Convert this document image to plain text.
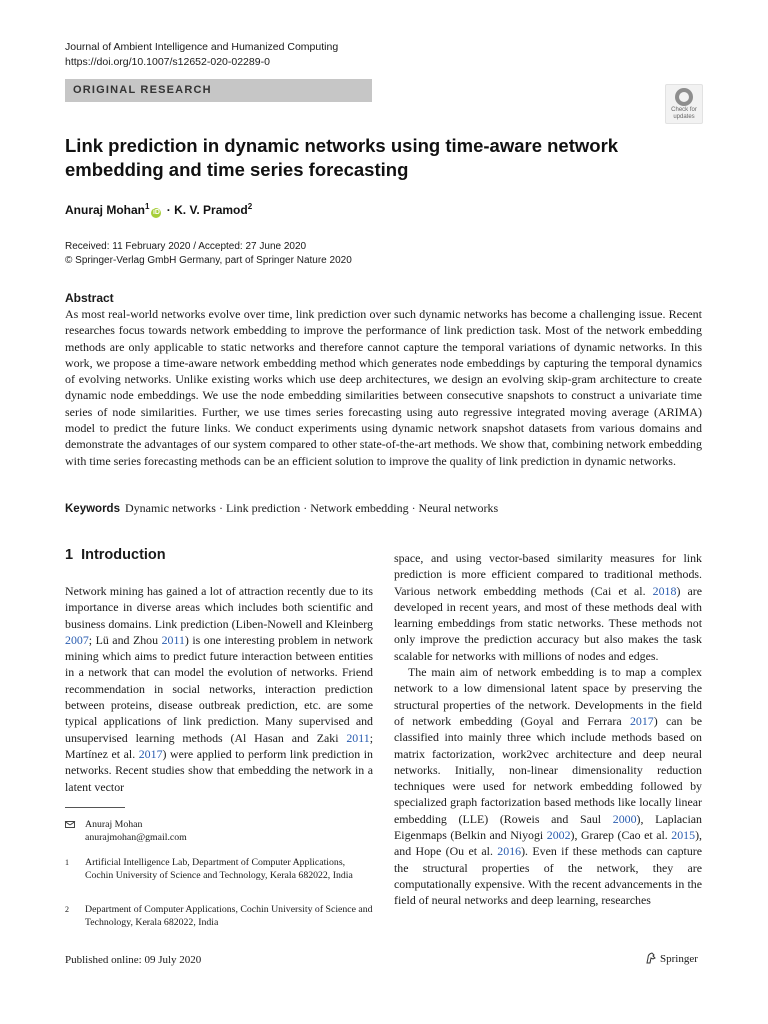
Journal of Ambient Intelligence and Humanized Computing
https://doi.org/10.1007/s12652-020-02289-0
ORIGINAL RESEARCH
Check for
updates
Link prediction in dynamic networks using time-aware network embedding and time series forecasting
Anuraj Mohan$^1$iD · K. V. Pramod$^2$
Received: 11 February 2020 / Accepted: 27 June 2020
© Springer-Verlag GmbH Germany, part of Springer Nature 2020
Abstract
As most real-world networks evolve over time, link prediction over such dynamic networks has become a challenging issue. Recent researches focus towards network embedding to improve the performance of link prediction task. Most of the network embedding methods are only applicable to static networks and therefore cannot capture the temporal variations of dynamic networks. In this work, we propose a time-aware network embedding method which generates node embeddings by capturing the temporal dynamics of evolving networks. Unlike existing works which use deep architectures, we design an evolving skip-gram architecture to create dynamic node embeddings. We use the node embedding similarities between consecutive snapshots to construct a univariate time series of node similarities. Further, we use times series forecasting using auto regressive integrated moving average (ARIMA) model to predict the future links. We conduct experiments using dynamic network snapshot datasets from various domains and demonstrate the advantages of our system compared to other state-of-the-art methods. We show that, combining network embedding with time series forecasting methods can be an efficient solution to improve the quality of link prediction in dynamic networks.
Keywords Dynamic networks · Link prediction · Network embedding · Neural networks
1 Introduction

Network mining has gained a lot of attraction recently due to its importance in diverse areas which includes both scientific and business domains. Link prediction (Liben-Nowell and Kleinberg 2007; Lü and Zhou 2011) is one interesting problem in network mining which aims to predict future interaction between entities in a network that can model the evolution of networks. Friend recommendation in social networks, interaction prediction between proteins, disease outbreak prediction, etc. are some typical applications of link prediction. Many supervised and unsupervised learning methods (Al Hasan and Zaki 2011; Martínez et al. 2017) were applied to perform link prediction in networks. Recent studies show that embedding the network in a latent vector

space, and using vector-based similarity measures for link prediction is more efficient compared to traditional methods. Various network embedding methods (Cai et al. 2018) are developed in recent years, and most of these methods deal with learning embeddings from static networks. These methods not only improve the prediction accuracy but also makes the task scalable for networks with millions of nodes and edges.

The main aim of network embedding is to map a complex network to a low dimensional latent space by preserving the structural properties of the network. Developments in the field of network embedding (Goyal and Ferrara 2017) can be classified into mainly three which include methods based on matrix factorization, work2vec architecture and deep neural networks. Initially, non-linear dimensionality reduction techniques were used for network embedding followed by specialized graph factorization based methods like locally linear embedding (LLE) (Roweis and Saul 2000), Laplacian Eigenmaps (Belkin and Niyogi 2002), Grarep (Cao et al. 2015), and Hope (Ou et al. 2016). Even if these methods can capture the structural properties of the network, they are computationally expensive. With the recent advancements in the field of neural networks and deep learning, researches

Anuraj Mohan
anurajmohan@gmail.com
1 Artificial Intelligence Lab, Department of Computer Applications, Cochin University of Science and Technology, Kerala 682022, India
2 Department of Computer Applications, Cochin University of Science and Technology, Kerala 682022, India
Published online: 09 July 2020	Springer
